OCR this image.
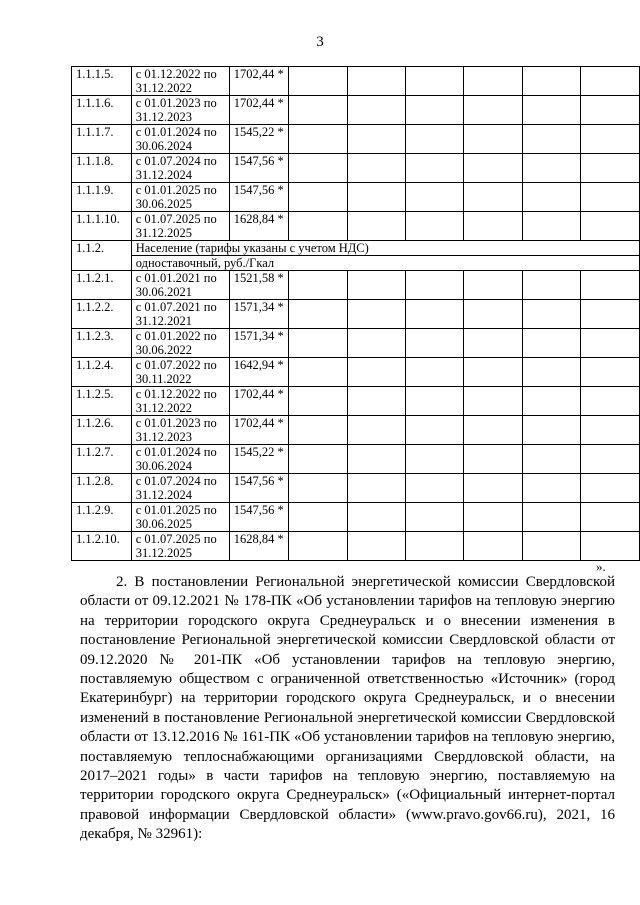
3
1.1.1.5.	с 01.12.2022 по 31.12.2022	1702,44 *						
1.1.1.6.	с 01.01.2023 по 31.12.2023	1702,44 *						
1.1.1.7.	с 01.01.2024 по 30.06.2024	1545,22 *						
1.1.1.8.	с 01.07.2024 по 31.12.2024	1547,56 *						
1.1.1.9.	с 01.01.2025 по 30.06.2025	1547,56 *						
1.1.1.10.	с 01.07.2025 по 31.12.2025	1628,84 *						
1.1.2.	Население (тарифы указаны с учетом НДС)							
	одноставочный, руб./Гкал							
1.1.2.1.	с 01.01.2021 по 30.06.2021	1521,58 *						
1.1.2.2.	с 01.07.2021 по 31.12.2021	1571,34 *						
1.1.2.3.	с 01.01.2022 по 30.06.2022	1571,34 *						
1.1.2.4.	с 01.07.2022 по 30.11.2022	1642,94 *						
1.1.2.5.	с 01.12.2022 по 31.12.2022	1702,44 *						
1.1.2.6.	с 01.01.2023 по 31.12.2023	1702,44 *						
1.1.2.7.	с 01.01.2024 по 30.06.2024	1545,22 *						
1.1.2.8.	с 01.07.2024 по 31.12.2024	1547,56 *						
1.1.2.9.	с 01.01.2025 по 30.06.2025	1547,56 *						
1.1.2.10.	с 01.07.2025 по 31.12.2025	1628,84 *						
».
2. В постановлении Региональной энергетической комиссии Свердловской области от 09.12.2021 № 178-ПК «Об установлении тарифов на тепловую энергию на территории городского округа Среднеуральск и о внесении изменения в постановление Региональной энергетической комиссии Свердловской области от 09.12.2020 № 201-ПК «Об установлении тарифов на тепловую энергию, поставляемую обществом с ограниченной ответственностью «Источник» (город Екатеринбург) на территории городского округа Среднеуральск, и о внесении изменений в постановление Региональной энергетической комиссии Свердловской области от 13.12.2016 № 161-ПК «Об установлении тарифов на тепловую энергию, поставляемую теплоснабжающими организациями Свердловской области, на 2017–2021 годы» в части тарифов на тепловую энергию, поставляемую на территории городского округа Среднеуральск» («Официальный интернет-портал правовой информации Свердловской области» (www.pravo.gov66.ru), 2021, 16 декабря, № 32961):
